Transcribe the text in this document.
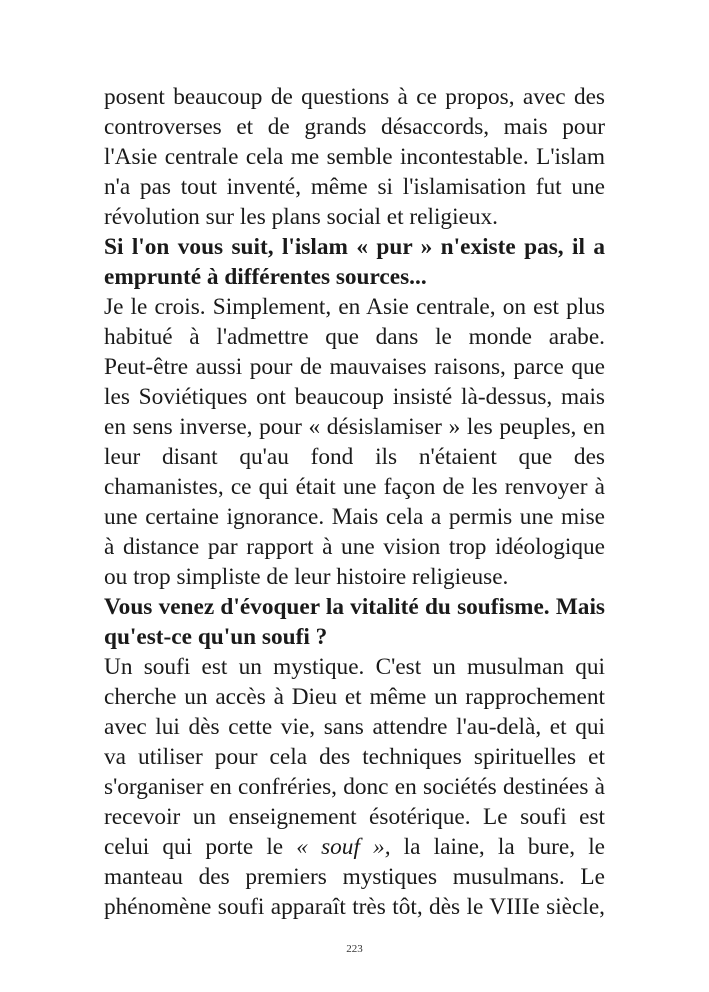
posent beaucoup de questions à ce propos, avec des
controverses et de grands désaccords, mais pour
l'Asie centrale cela me semble incontestable. L'islam
n'a pas tout inventé, même si l'islamisation fut une
révolution sur les plans social et religieux.
Si l'on vous suit, l'islam « pur » n'existe pas, il a
emprunté à différentes sources...
Je le crois. Simplement, en Asie centrale, on est plus
habitué à l'admettre que dans le monde arabe.
Peut-être aussi pour de mauvaises raisons, parce que
les Soviétiques ont beaucoup insisté là-dessus, mais
en sens inverse, pour « désislamiser » les peuples, en
leur disant qu'au fond ils n'étaient que des
chamanistes, ce qui était une façon de les renvoyer à
une certaine ignorance. Mais cela a permis une mise
à distance par rapport à une vision trop idéologique
ou trop simpliste de leur histoire religieuse.
Vous venez d'évoquer la vitalité du soufisme. Mais
qu'est-ce qu'un soufi ?
Un soufi est un mystique. C'est un musulman qui
cherche un accès à Dieu et même un rapprochement
avec lui dès cette vie, sans attendre l'au-delà, et qui
va utiliser pour cela des techniques spirituelles et
s'organiser en confréries, donc en sociétés destinées à
recevoir un enseignement ésotérique. Le soufi est
celui qui porte le « souf », la laine, la bure, le
manteau des premiers mystiques musulmans. Le
phénomène soufi apparaît très tôt, dès le VIIIe siècle,
223
